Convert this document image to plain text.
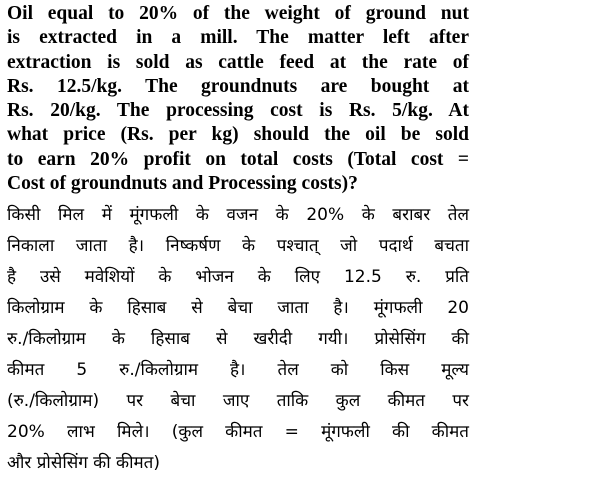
Oil equal to 20% of the weight of ground nut
is extracted in a mill. The matter left after
extraction is sold as cattle feed at the rate of
Rs. 12.5/kg. The groundnuts are bought at
Rs. 20/kg. The processing cost is Rs. 5/kg. At
what price (Rs. per kg) should the oil be sold
to earn 20% profit on total costs (Total cost =
Cost of groundnuts and Processing costs)?
किसी मिल में मूंगफली के वजन के 20% के बराबर तेल
निकाला जाता है। निष्कर्षण के पश्चात् जो पदार्थ बचता
है उसे मवेशियों के भोजन के लिए 12.5 रु. प्रति
किलोग्राम के हिसाब से बेचा जाता है। मूंगफली 20
रु./किलोग्राम के हिसाब से खरीदी गयी। प्रोसेसिंग की
कीमत 5 रु./किलोग्राम है। तेल को किस मूल्य
(रु./किलोग्राम) पर बेचा जाए ताकि कुल कीमत पर
20% लाभ मिले। (कुल कीमत = मूंगफली की कीमत
और प्रोसेसिंग की कीमत)
